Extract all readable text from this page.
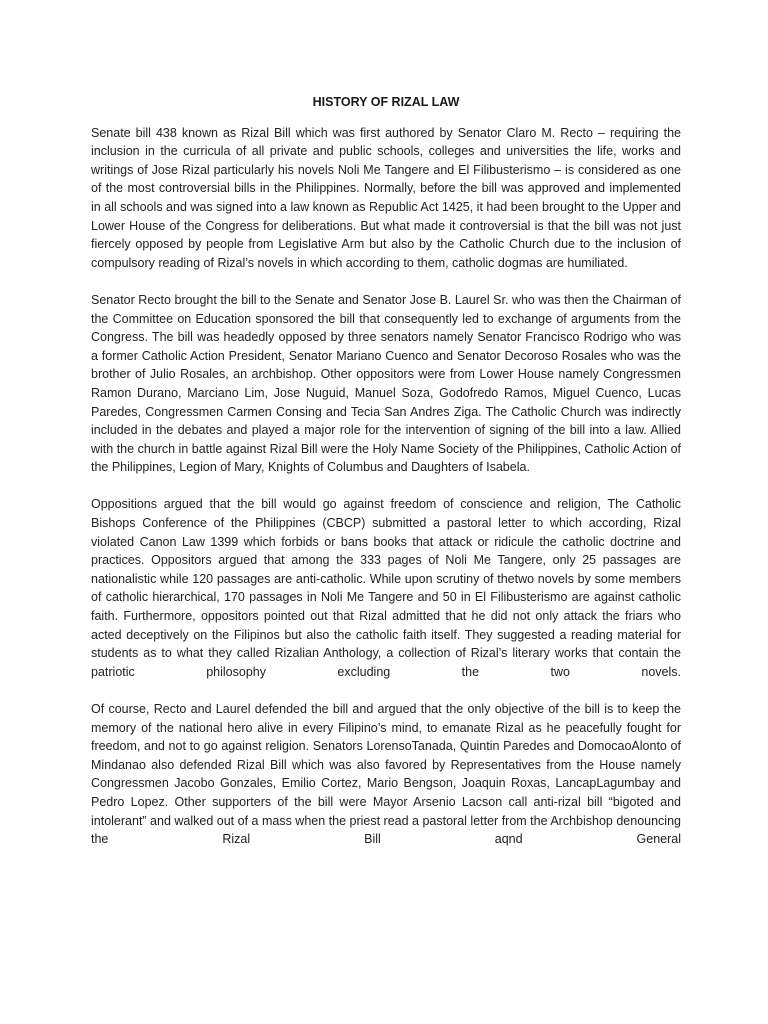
HISTORY OF RIZAL LAW

Senate bill 438 known as Rizal Bill which was first authored by Senator Claro M. Recto – requiring the inclusion in the curricula of all private and public schools, colleges and universities the life, works and writings of Jose Rizal particularly his novels Noli Me Tangere and El Filibusterismo – is considered as one of the most controversial bills in the Philippines. Normally, before the bill was approved and implemented in all schools and was signed into a law known as Republic Act 1425, it had been brought to the Upper and Lower House of the Congress for deliberations. But what made it controversial is that the bill was not just fiercely opposed by people from Legislative Arm but also by the Catholic Church due to the inclusion of compulsory reading of Rizal’s novels in which according to them, catholic dogmas are humiliated.

Senator Recto brought the bill to the Senate and Senator Jose B. Laurel Sr. who was then the Chairman of the Committee on Education sponsored the bill that consequently led to exchange of arguments from the Congress. The bill was headedly opposed by three senators namely Senator Francisco Rodrigo who was a former Catholic Action President, Senator Mariano Cuenco and Senator Decoroso Rosales who was the brother of Julio Rosales, an archbishop. Other oppositors were from Lower House namely Congressmen Ramon Durano, Marciano Lim, Jose Nuguid, Manuel Soza, Godofredo Ramos, Miguel Cuenco, Lucas Paredes, Congressmen Carmen Consing and Tecia San Andres Ziga. The Catholic Church was indirectly included in the debates and played a major role for the intervention of signing of the bill into a law. Allied with the church in battle against Rizal Bill were the Holy Name Society of the Philippines, Catholic Action of the Philippines, Legion of Mary, Knights of Columbus and Daughters of Isabela.

Oppositions argued that the bill would go against freedom of conscience and religion, The Catholic Bishops Conference of the Philippines (CBCP) submitted a pastoral letter to which according, Rizal violated Canon Law 1399 which forbids or bans books that attack or ridicule the catholic doctrine and practices. Oppositors argued that among the 333 pages of Noli Me Tangere, only 25 passages are nationalistic while 120 passages are anti-catholic. While upon scrutiny of thetwo novels by some members of catholic hierarchical, 170 passages in Noli Me Tangere and 50 in El Filibusterismo are against catholic faith. Furthermore, oppositors pointed out that Rizal admitted that he did not only attack the friars who acted deceptively on the Filipinos but also the catholic faith itself. They suggested a reading material for students as to what they called Rizalian Anthology, a collection of Rizal’s literary works that contain the patriotic philosophy excluding the two novels.

Of course, Recto and Laurel defended the bill and argued that the only objective of the bill is to keep the memory of the national hero alive in every Filipino’s mind, to emanate Rizal as he peacefully fought for freedom, and not to go against religion. Senators LorensoTanada, Quintin Paredes and DomocaoAlonto of Mindanao also defended Rizal Bill which was also favored by Representatives from the House namely Congressmen Jacobo Gonzales, Emilio Cortez, Mario Bengson, Joaquin Roxas, LancapLagumbay and Pedro Lopez. Other supporters of the bill were Mayor Arsenio Lacson call anti-rizal bill “bigoted and intolerant” and walked out of a mass when the priest read a pastoral letter from the Archbishop denouncing the Rizal Bill aqnd General
